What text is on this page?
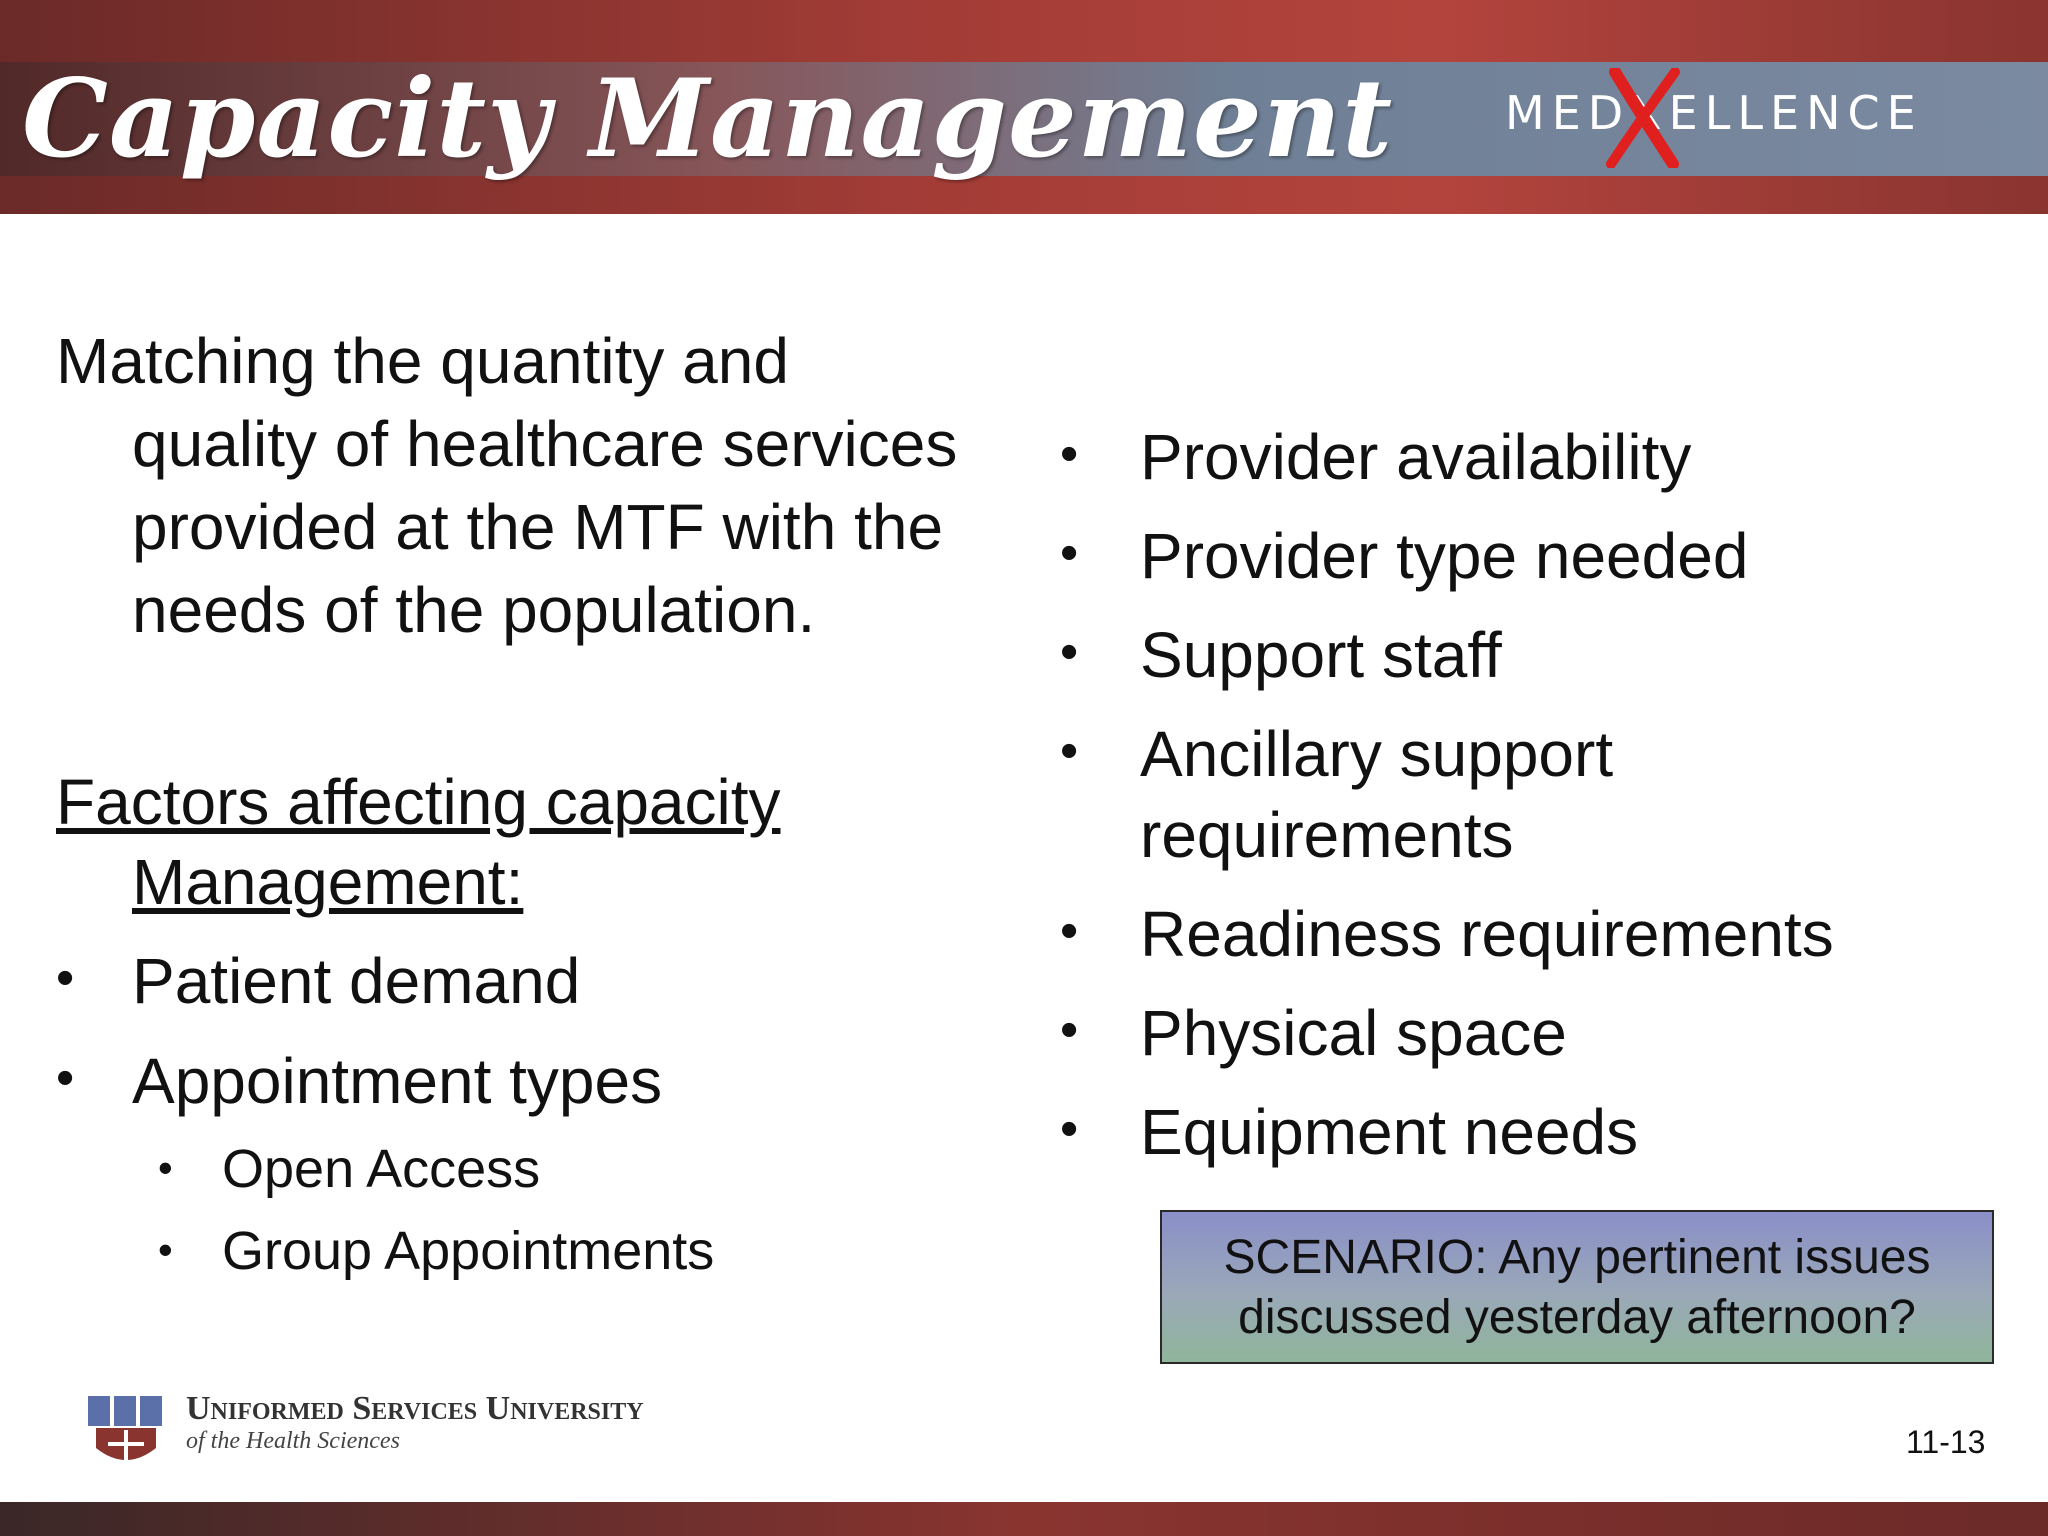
Capacity Management MEDXELLENCE
Matching the quantity and
quality of healthcare services
provided at the MTF with the
needs of the population.
Factors affecting capacity
Management:
• Patient demand
• Appointment types
• Open Access
• Group Appointments
• Provider availability
• Provider type needed
• Support staff
• Ancillary support
requirements
• Readiness requirements
• Physical space
• Equipment needs
SCENARIO: Any pertinent issues
discussed yesterday afternoon?
Uniformed Services University
of the Health Sciences	11-13
